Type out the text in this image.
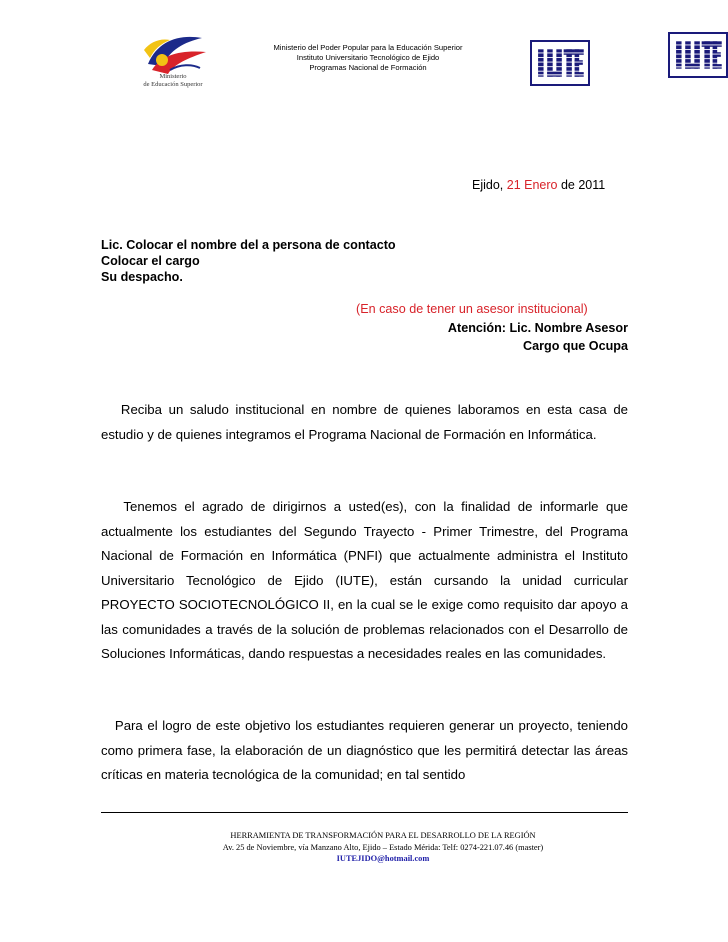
Ministerio
de Educación Superior
Ministerio del Poder Popular para la Educación Superior
Instituto Universitario Tecnológico de Ejido
Programas Nacional de Formación
Ejido, 21 Enero de 2011
Lic. Colocar el nombre del a persona de contacto
Colocar el cargo
Su despacho.
(En caso de tener un asesor institucional)
Atención: Lic. Nombre Asesor
Cargo que Ocupa
Reciba un saludo institucional en nombre de quienes laboramos en esta casa de estudio y de quienes integramos el Programa Nacional de Formación en Informática.
Tenemos el agrado de dirigirnos a usted(es), con la finalidad de informarle que actualmente los estudiantes del Segundo Trayecto - Primer Trimestre, del Programa Nacional de Formación en Informática (PNFI) que actualmente administra el Instituto Universitario Tecnológico de Ejido (IUTE), están cursando la unidad curricular PROYECTO SOCIOTECNOLÓGICO II, en la cual se le exige como requisito dar apoyo a las comunidades a través de la solución de problemas relacionados con el Desarrollo de Soluciones Informáticas, dando respuestas a necesidades reales en las comunidades.
Para el logro de este objetivo los estudiantes requieren generar un proyecto, teniendo como primera fase, la elaboración de un diagnóstico que les permitirá detectar las áreas críticas en materia tecnológica de la comunidad; en tal sentido
HERRAMIENTA DE TRANSFORMACIÓN PARA EL DESARROLLO DE LA REGIÓN
Av. 25 de Noviembre, vía Manzano Alto, Ejido – Estado Mérida: Telf: 0274-221.07.46 (master)
IUTEJIDO@hotmail.com
